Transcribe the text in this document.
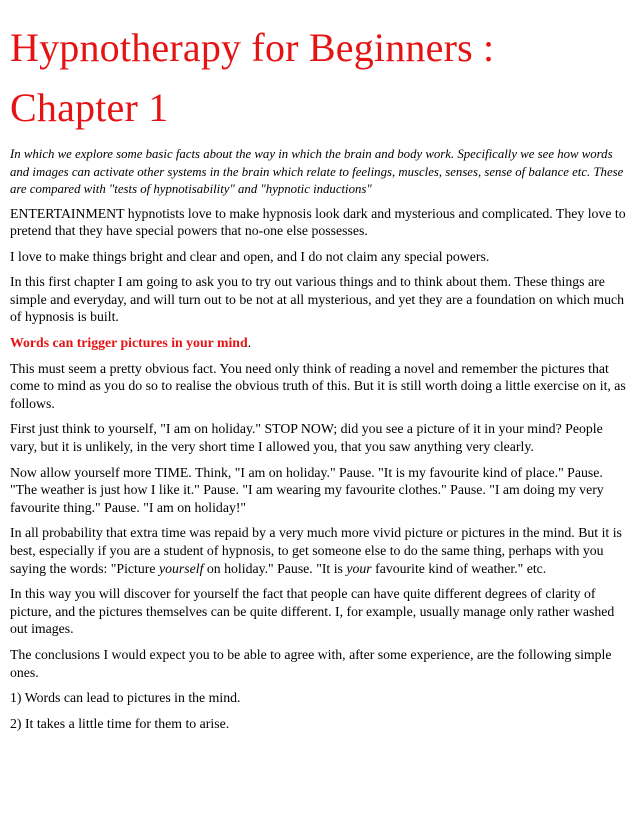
Hypnotherapy for Beginners :
Chapter 1

In which we explore some basic facts about the way in which the brain and body work. Specifically we see how words and images can activate other systems in the brain which relate to feelings, muscles, senses, sense of balance etc. These are compared with "tests of hypnotisability" and "hypnotic inductions"

ENTERTAINMENT hypnotists love to make hypnosis look dark and mysterious and complicated. They love to pretend that they have special powers that no-one else possesses.

I love to make things bright and clear and open, and I do not claim any special powers.

In this first chapter I am going to ask you to try out various things and to think about them. These things are simple and everyday, and will turn out to be not at all mysterious, and yet they are a foundation on which much of hypnosis is built.

Words can trigger pictures in your mind.

This must seem a pretty obvious fact. You need only think of reading a novel and remember the pictures that come to mind as you do so to realise the obvious truth of this. But it is still worth doing a little exercise on it, as follows.

First just think to yourself, "I am on holiday." STOP NOW; did you see a picture of it in your mind? People vary, but it is unlikely, in the very short time I allowed you, that you saw anything very clearly.

Now allow yourself more TIME. Think, "I am on holiday." Pause. "It is my favourite kind of place." Pause. "The weather is just how I like it." Pause. "I am wearing my favourite clothes." Pause. "I am doing my very favourite thing." Pause. "I am on holiday!"

In all probability that extra time was repaid by a very much more vivid picture or pictures in the mind. But it is best, especially if you are a student of hypnosis, to get someone else to do the same thing, perhaps with you saying the words: "Picture yourself on holiday." Pause. "It is your favourite kind of weather." etc.

In this way you will discover for yourself the fact that people can have quite different degrees of clarity of picture, and the pictures themselves can be quite different. I, for example, usually manage only rather washed out images.

The conclusions I would expect you to be able to agree with, after some experience, are the following simple ones.

1) Words can lead to pictures in the mind.

2) It takes a little time for them to arise.
